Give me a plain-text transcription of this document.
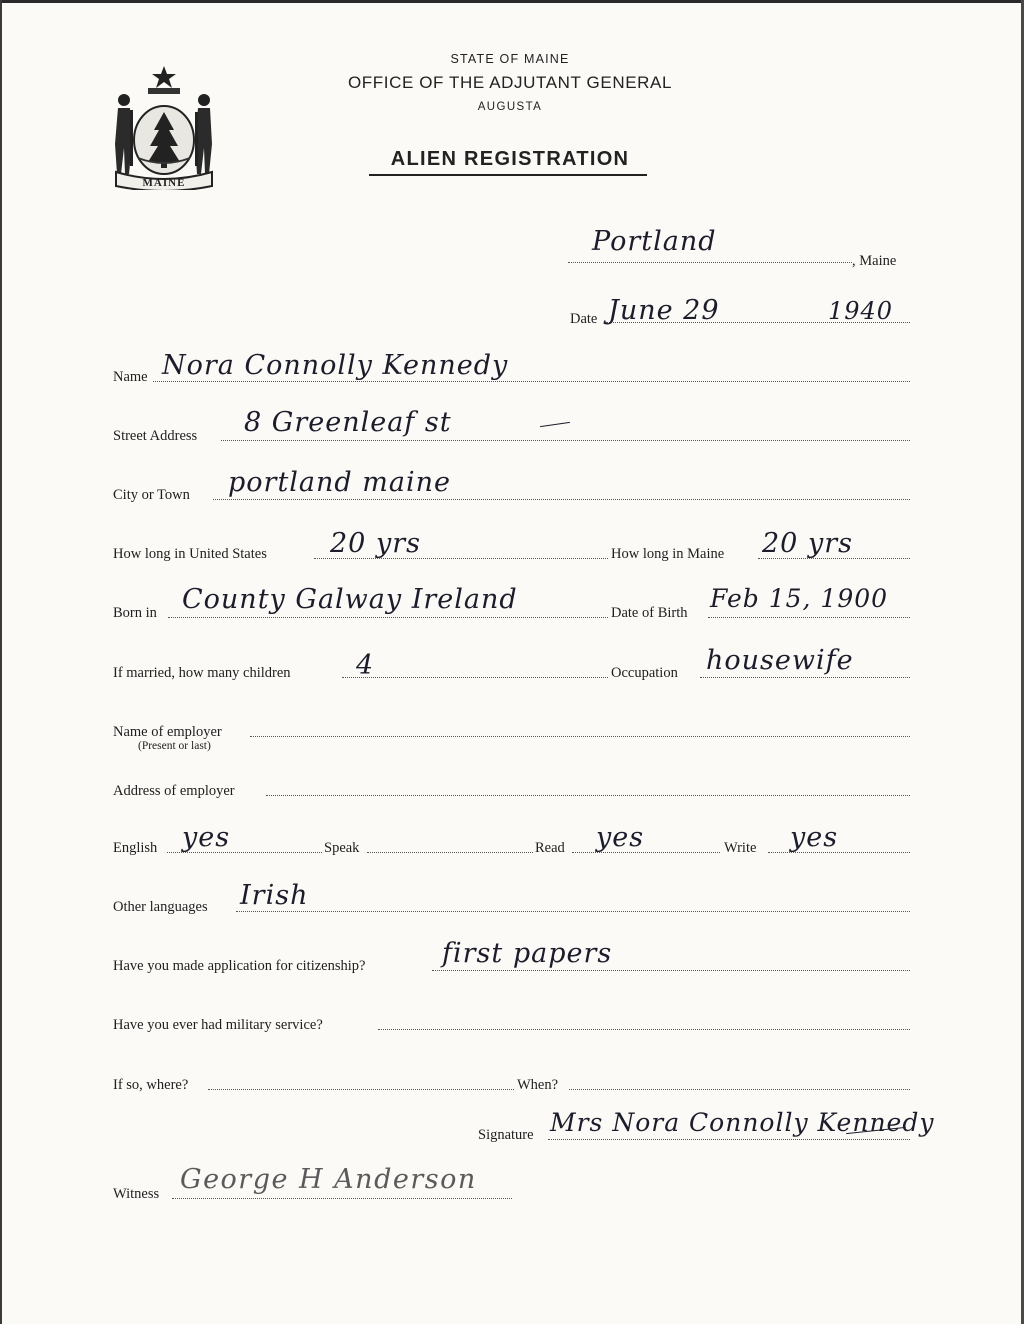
MAINE
STATE OF MAINE
OFFICE OF THE ADJUTANT GENERAL
AUGUSTA
ALIEN REGISTRATION
Portland
, Maine
Date June 29	1940
Name Nora Connolly Kennedy
Street Address 8 Greenleaf st
City or Town portland maine
How long in United States 20 yrs	How long in Maine 20 yrs
Born in County Galway Ireland	Date of Birth Feb 15, 1900
If married, how many children 4	Occupation housewife
Name of employer
(Present or last)
Address of employer
English yes	Speak	Read yes	Write yes
Other languages Irish
Have you made application for citizenship?	first papers
Have you ever had military service?
If so, where?	When?
Signature Mrs Nora Connolly Kennedy
Witness George H Anderson
